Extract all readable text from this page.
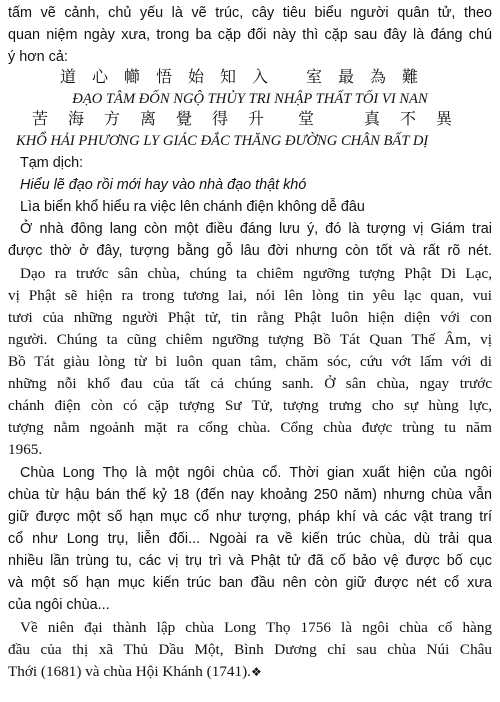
tấm vẽ cảnh, chủ yếu là vẽ trúc, cây tiêu biểu người quân tử, theo
quan niệm ngày xưa, trong ba cặp đối này thì cặp sau đây là đáng chú
ý hơn cả:
道 心 幯 悟 始 知 入	室 最 為 難
ĐẠO TÂM ĐỐN NGỘ THỦY TRI NHẬP THẤT TỐI VI NAN
苦	海	方	离	覺	得	升	堂	真	不	異
KHỔ HẢI PHƯƠNG LY GIÁC ĐẮC THĂNG ĐƯỜNG CHÂN BẤT DỊ
Tạm dịch:
Hiểu lẽ đạo rồi mới hay vào nhà đạo thật khó
Lìa biển khổ hiểu ra việc lên chánh điện không dễ đâu
Ở nhà đông lang còn một điều đáng lưu ý, đó là tượng vị Giám trai
được thờ ở đây, tượng bằng gỗ lâu đời nhưng còn tốt và rất rõ nét.
Dạo ra trước sân chùa, chúng ta chiêm ngưỡng tượng Phật Di Lạc,
vị Phật sẽ hiện ra trong tương lai, nói lên lòng tin yêu lạc quan, vui
tươi của những người Phật tử, tin rằng Phật luôn hiện diện với con
người. Chúng ta cũng chiêm ngưỡng tượng Bồ Tát Quan Thế Âm, vị
Bồ Tát giàu lòng từ bi luôn quan tâm, chăm sóc, cứu vớt lấm với di
những nỗi khổ đau của tất cả chúng sanh. Ở sân chùa, ngay trước
chánh điện còn có cặp tượng Sư Tử, tượng trưng cho sự hùng lực,
tượng nằm ngoảnh mặt ra cổng chùa. Cổng chùa được trùng tu năm
1965.
Chùa Long Thọ là một ngôi chùa cổ. Thời gian xuất hiện của ngôi
chùa từ hậu bán thế kỷ 18 (đến nay khoảng 250 năm) nhưng chùa vẫn
giữ được một số hạn mục cổ như tượng, pháp khí và các vật trang trí
cổ như Long trụ, liễn đối... Ngoài ra về kiến trúc chùa, dù trải qua
nhiều lần trùng tu, các vị trụ trì và Phật tử đã cố bảo vệ được bố cục
và một số hạn mục kiến trúc ban đầu nên còn giữ được nét cổ xưa
của ngôi chùa...
Về niên đại thành lập chùa Long Thọ 1756 là ngôi chùa cổ hàng
đầu của thị xã Thủ Dầu Một, Bình Dương chỉ sau chùa Núi Châu
Thới (1681) và chùa Hội Khánh (1741).❖
